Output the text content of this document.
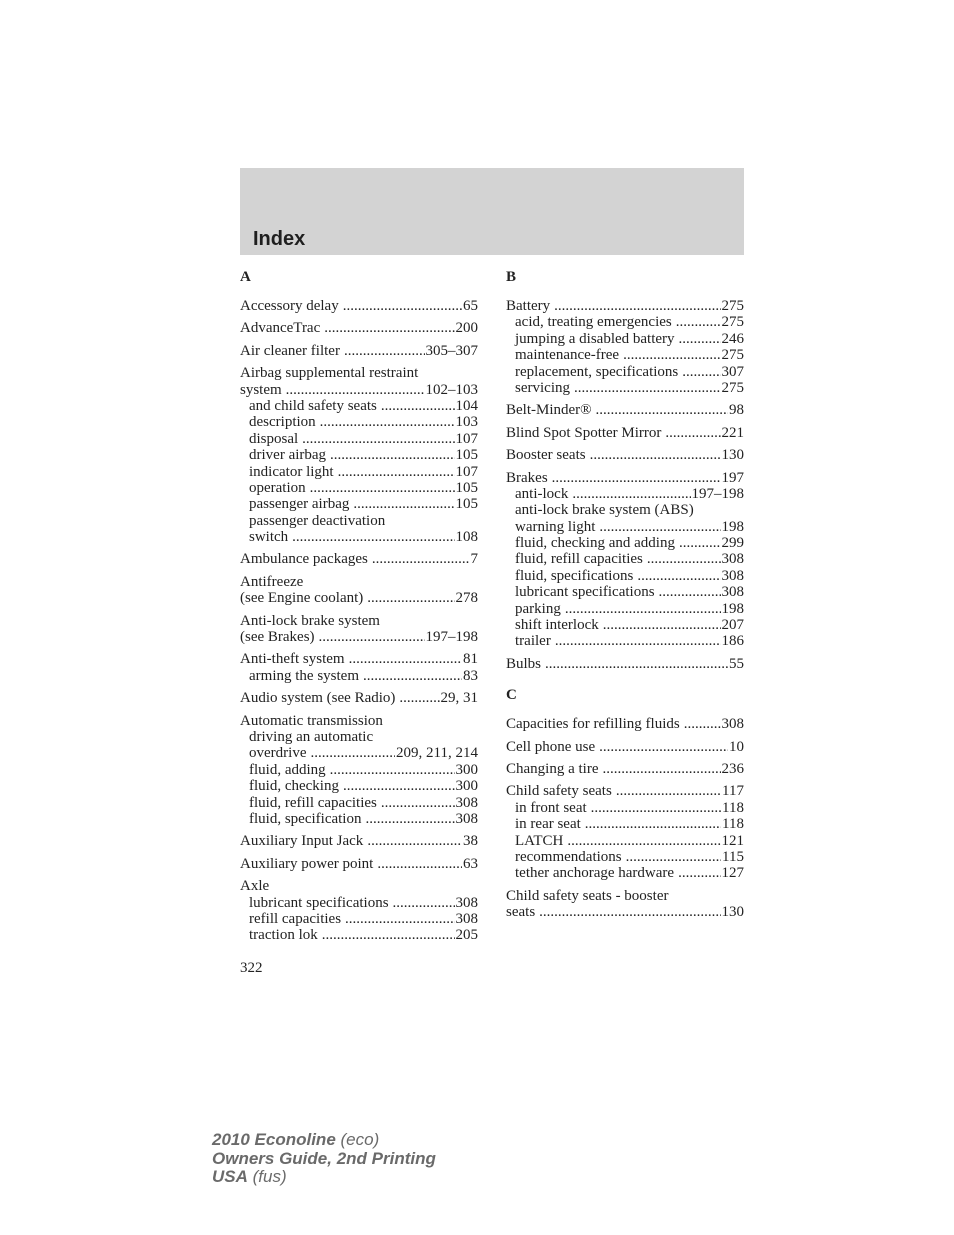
Index
A
Accessory delay .....	65
AdvanceTrac .....	200
Air cleaner filter .....	305–307
Airbag supplemental restraint
system .....	102–103
and child safety seats .....	104
description .....	103
disposal .....	107
driver airbag .....	105
indicator light .....	107
operation .....	105
passenger airbag .....	105
passenger deactivation
switch .....	108
Ambulance packages .....	7
Antifreeze
(see Engine coolant) .....	278
Anti-lock brake system
(see Brakes) .....	197–198
Anti-theft system .....	81
arming the system .....	83
Audio system (see Radio) .....	29, 31
Automatic transmission
driving an automatic
overdrive .....	209, 211, 214
fluid, adding .....	300
fluid, checking .....	300
fluid, refill capacities .....	308
fluid, specification .....	308
Auxiliary Input Jack .....	38
Auxiliary power point .....	63
Axle
lubricant specifications .....	308
refill capacities .....	308
traction lok .....	205
B
Battery .....	275
acid, treating emergencies .....	275
jumping a disabled battery .....	246
maintenance-free .....	275
replacement, specifications .....	307
servicing .....	275
Belt-Minder® .....	98
Blind Spot Spotter Mirror .....	221
Booster seats .....	130
Brakes .....	197
anti-lock .....	197–198
anti-lock brake system (ABS)
warning light .....	198
fluid, checking and adding .....	299
fluid, refill capacities .....	308
fluid, specifications .....	308
lubricant specifications .....	308
parking .....	198
shift interlock .....	207
trailer .....	186
Bulbs .....	55
C
Capacities for refilling fluids .....	308
Cell phone use .....	10
Changing a tire .....	236
Child safety seats .....	117
in front seat .....	118
in rear seat .....	118
LATCH .....	121
recommendations .....	115
tether anchorage hardware .....	127
Child safety seats - booster
seats .....	130
322
2010 Econoline (eco)
Owners Guide, 2nd Printing
USA (fus)
